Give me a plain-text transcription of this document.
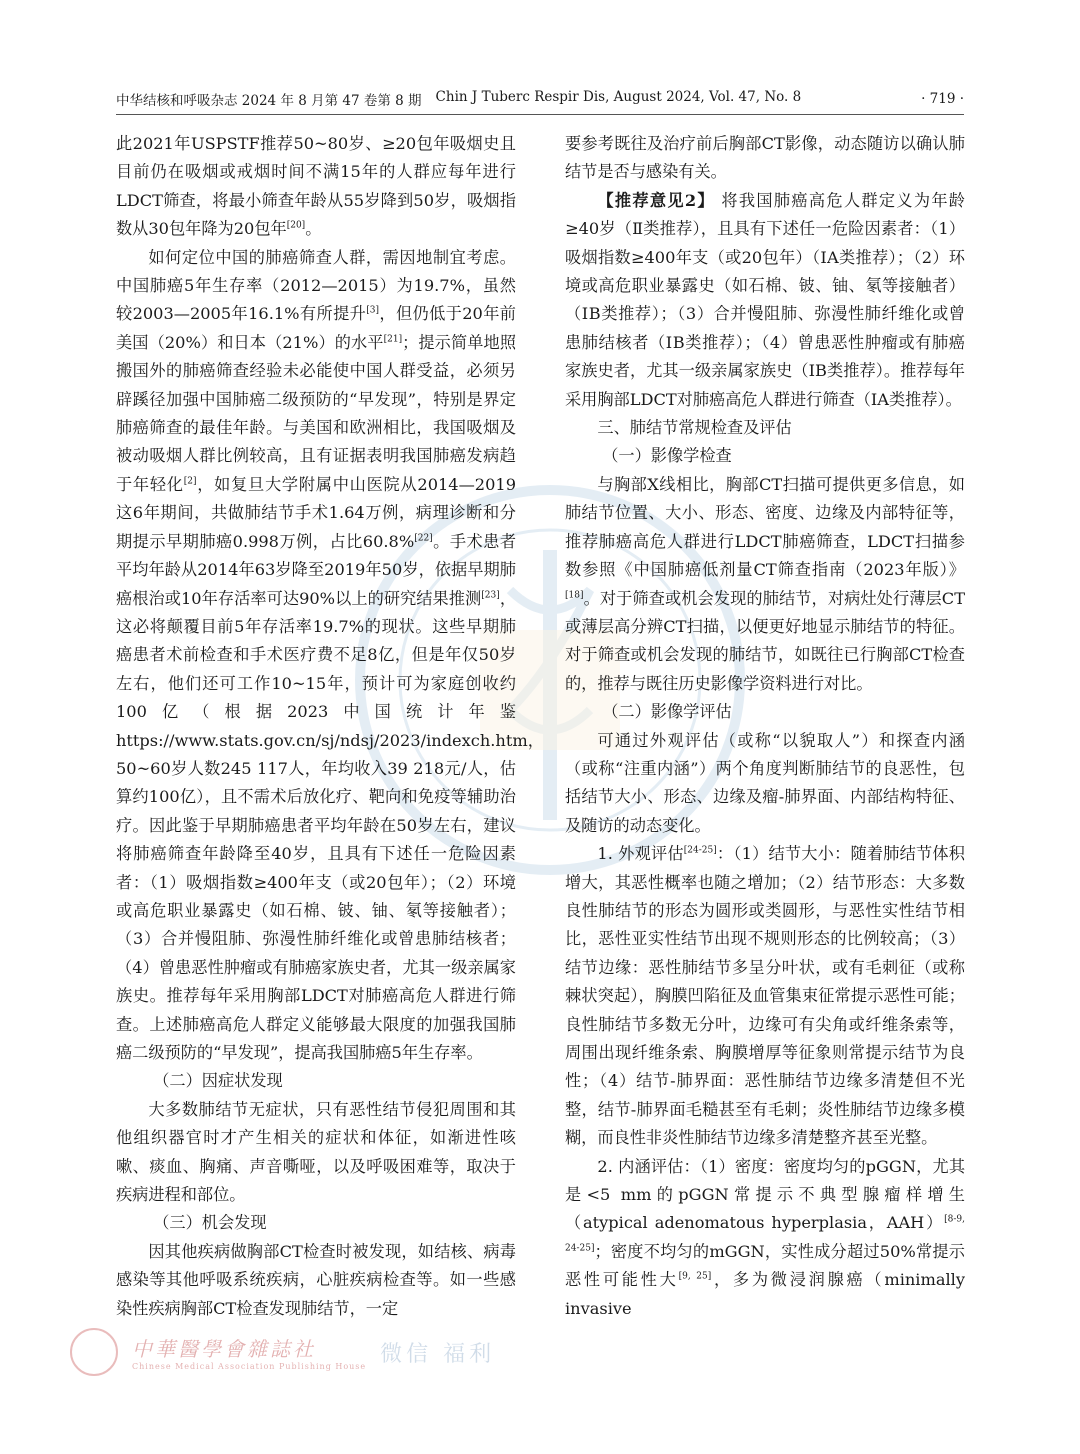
中华结核和呼吸杂志 2024 年 8 月第 47 卷第 8 期 Chin J Tuberc Respir Dis, August 2024, Vol. 47, No. 8	· 719 ·

此2021年USPSTF推荐50~80岁、≥20包年吸烟史且目前仍在吸烟或戒烟时间不满15年的人群应每年进行LDCT筛查，将最小筛查年龄从55岁降到50岁，吸烟指数从30包年降为20包年[20]。

如何定位中国的肺癌筛查人群，需因地制宜考虑。中国肺癌5年生存率（2012—2015）为19.7%，虽然较2003—2005年16.1%有所提升[3]，但仍低于20年前美国（20%）和日本（21%）的水平[21]；提示简单地照搬国外的肺癌筛查经验未必能使中国人群受益，必须另辟蹊径加强中国肺癌二级预防的“早发现”，特别是界定肺癌筛查的最佳年龄。与美国和欧洲相比，我国吸烟及被动吸烟人群比例较高，且有证据表明我国肺癌发病趋于年轻化[2]，如复旦大学附属中山医院从2014—2019这6年期间，共做肺结节手术1.64万例，病理诊断和分期提示早期肺癌0.998万例，占比60.8%[22]。手术患者平均年龄从2014年63岁降至2019年50岁，依据早期肺癌根治或10年存活率可达90%以上的研究结果推测[23]，这必将颠覆目前5年存活率19.7%的现状。这些早期肺癌患者术前检查和手术医疗费不足8亿，但是年仅50岁左右，他们还可工作10~15年，预计可为家庭创收约100亿（根据2023中国统计年鉴https://www.stats.gov.cn/sj/ndsj/2023/indexch.htm，50~60岁人数245 117人，年均收入39 218元/人，估算约100亿），且不需术后放化疗、靶向和免疫等辅助治疗。因此鉴于早期肺癌患者平均年龄在50岁左右，建议将肺癌筛查年龄降至40岁，且具有下述任一危险因素者：（1）吸烟指数≥400年支（或20包年）；（2）环境或高危职业暴露史（如石棉、铍、铀、氡等接触者）；（3）合并慢阻肺、弥漫性肺纤维化或曾患肺结核者；（4）曾患恶性肿瘤或有肺癌家族史者，尤其一级亲属家族史。推荐每年采用胸部LDCT对肺癌高危人群进行筛查。上述肺癌高危人群定义能够最大限度的加强我国肺癌二级预防的“早发现”，提高我国肺癌5年生存率。

（二）因症状发现

大多数肺结节无症状，只有恶性结节侵犯周围和其他组织器官时才产生相关的症状和体征，如渐进性咳嗽、痰血、胸痛、声音嘶哑，以及呼吸困难等，取决于疾病进程和部位。

（三）机会发现

因其他疾病做胸部CT检查时被发现，如结核、病毒感染等其他呼吸系统疾病，心脏疾病检查等。如一些感染性疾病胸部CT检查发现肺结节，一定

要参考既往及治疗前后胸部CT影像，动态随访以确认肺结节是否与感染有关。

【推荐意见2】 将我国肺癌高危人群定义为年龄≥40岁（Ⅱ类推荐），且具有下述任一危险因素者：（1）吸烟指数≥400年支（或20包年）（ⅠA类推荐）；（2）环境或高危职业暴露史（如石棉、铍、铀、氡等接触者）（ⅠB类推荐）；（3）合并慢阻肺、弥漫性肺纤维化或曾患肺结核者（ⅠB类推荐）；（4）曾患恶性肿瘤或有肺癌家族史者，尤其一级亲属家族史（ⅠB类推荐）。推荐每年采用胸部LDCT对肺癌高危人群进行筛查（ⅠA类推荐）。

三、肺结节常规检查及评估

（一）影像学检查

与胸部X线相比，胸部CT扫描可提供更多信息，如肺结节位置、大小、形态、密度、边缘及内部特征等，推荐肺癌高危人群进行LDCT肺癌筛查，LDCT扫描参数参照《中国肺癌低剂量CT筛查指南（2023年版）》[18]。对于筛查或机会发现的肺结节，对病灶处行薄层CT或薄层高分辨CT扫描，以便更好地显示肺结节的特征。对于筛查或机会发现的肺结节，如既往已行胸部CT检查的，推荐与既往历史影像学资料进行对比。

（二）影像学评估

可通过外观评估（或称“以貌取人”）和探查内涵（或称“注重内涵”）两个角度判断肺结节的良恶性，包括结节大小、形态、边缘及瘤-肺界面、内部结构特征、及随访的动态变化。

1. 外观评估[24-25]：（1）结节大小：随着肺结节体积增大，其恶性概率也随之增加；（2）结节形态：大多数良性肺结节的形态为圆形或类圆形，与恶性实性结节相比，恶性亚实性结节出现不规则形态的比例较高；（3）结节边缘：恶性肺结节多呈分叶状，或有毛刺征（或称棘状突起），胸膜凹陷征及血管集束征常提示恶性可能；良性肺结节多数无分叶，边缘可有尖角或纤维条索等，周围出现纤维条索、胸膜增厚等征象则常提示结节为良性；（4）结节-肺界面：恶性肺结节边缘多清楚但不光整，结节-肺界面毛糙甚至有毛刺；炎性肺结节边缘多模糊，而良性非炎性肺结节边缘多清楚整齐甚至光整。

2. 内涵评估：（1）密度：密度均匀的pGGN，尤其是<5 mm的pGGN常提示不典型腺瘤样增生（atypical adenomatous hyperplasia，AAH）[8-9, 24-25]；密度不均匀的mGGN，实性成分超过50%常提示恶性可能性大[9, 25]，多为微浸润腺癌（minimally invasive

中華醫學會雜誌社
Chinese Medical Association Publishing House 微信 福利
